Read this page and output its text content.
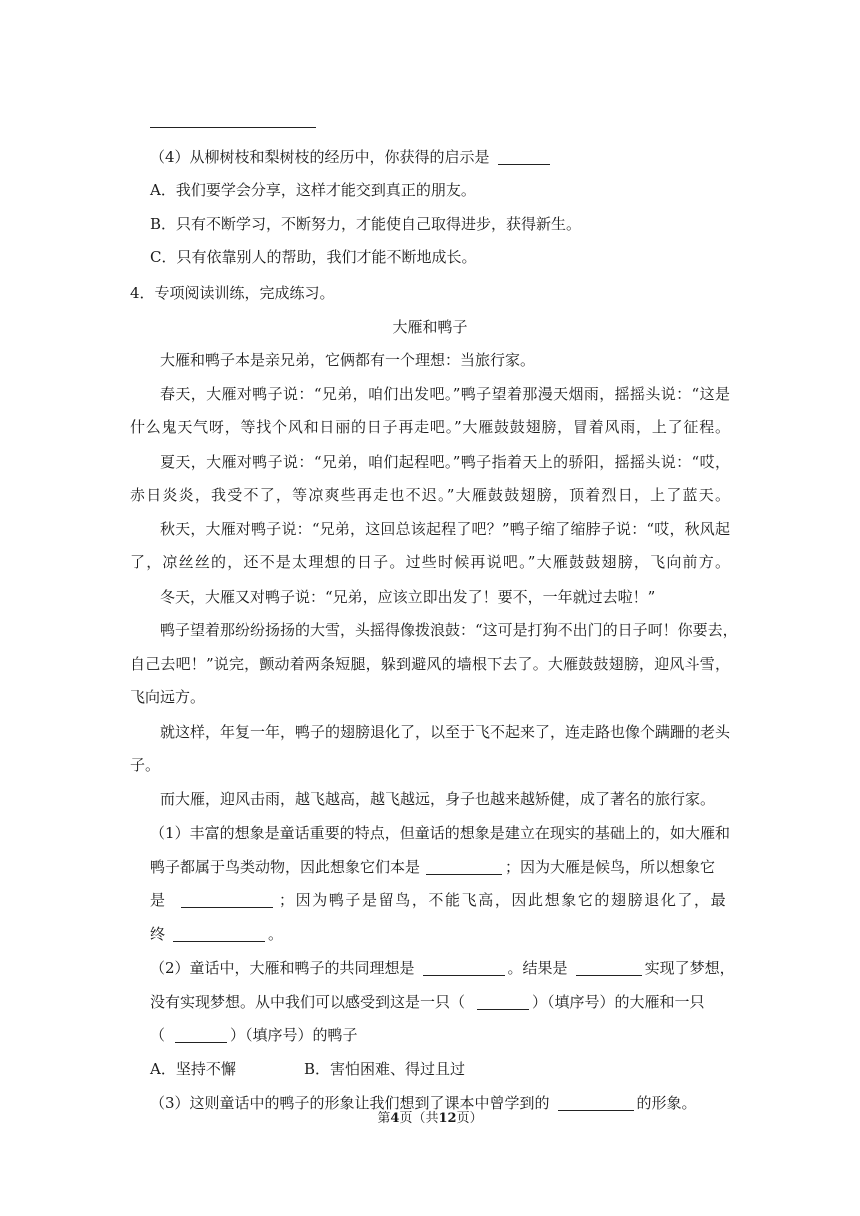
（4）从柳树枝和梨树枝的经历中，你获得的启示是
A．我们要学会分享，这样才能交到真正的朋友。
B．只有不断学习，不断努力，才能使自己取得进步，获得新生。
C．只有依靠别人的帮助，我们才能不断地成长。
4．专项阅读训练，完成练习。
大雁和鸭子
大雁和鸭子本是亲兄弟，它俩都有一个理想：当旅行家。
春天，大雁对鸭子说：“兄弟，咱们出发吧。”鸭子望着那漫天烟雨，摇摇头说：“这是
什么鬼天气呀，等找个风和日丽的日子再走吧。”大雁鼓鼓翅膀，冒着风雨，上了征程。
夏天，大雁对鸭子说：“兄弟，咱们起程吧。”鸭子指着天上的骄阳，摇摇头说：“哎，
赤日炎炎，我受不了，等凉爽些再走也不迟。”大雁鼓鼓翅膀，顶着烈日，上了蓝天。
秋天，大雁对鸭子说：“兄弟，这回总该起程了吧？”鸭子缩了缩脖子说：“哎，秋风起
了，凉丝丝的，还不是太理想的日子。过些时候再说吧。”大雁鼓鼓翅膀，飞向前方。
冬天，大雁又对鸭子说：“兄弟，应该立即出发了！要不，一年就过去啦！”
鸭子望着那纷纷扬扬的大雪，头摇得像拨浪鼓：“这可是打狗不出门的日子呵！你要去，
自己去吧！”说完，颤动着两条短腿，躲到避风的墙根下去了。大雁鼓鼓翅膀，迎风斗雪，
飞向远方。
就这样，年复一年，鸭子的翅膀退化了，以至于飞不起来了，连走路也像个蹒跚的老头
子。
而大雁，迎风击雨，越飞越高，越飞越远，身子也越来越矫健，成了著名的旅行家。
（1）丰富的想象是童话重要的特点，但童话的想象是建立在现实的基础上的，如大雁和
鸭子都属于鸟类动物，因此想象它们本是	；因为大雁是候鸟，所以想象它
是	；因为鸭子是留鸟，不能飞高，因此想象它的翅膀退化了，最
终	。
（2）童话中，大雁和鸭子的共同理想是	。结果是	实现了梦想，
没有实现梦想。从中我们可以感受到这是一只（	）（填序号）的大雁和一只
（	）（填序号）的鸭子
A．坚持不懈	B．害怕困难、得过且过
（3）这则童话中的鸭子的形象让我们想到了课本中曾学到的	的形象。
第4页（共12页）
